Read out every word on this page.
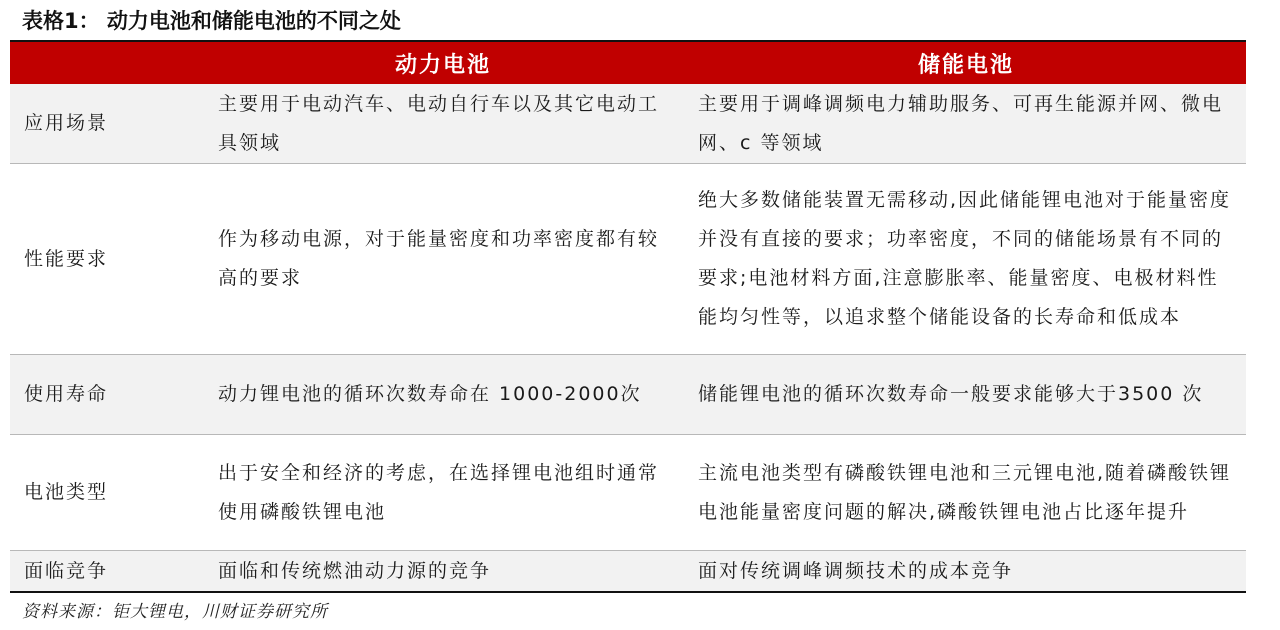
表格1： 动力电池和储能电池的不同之处
	动力电池	储能电池
应用场景	主要用于电动汽车、电动自行车以及其它电动工具领域	主要用于调峰调频电力辅助服务、可再生能源并网、微电网、c 等领域
性能要求	作为移动电源，对于能量密度和功率密度都有较高的要求	绝大多数储能装置无需移动,因此储能锂电池对于能量密度并没有直接的要求；功率密度，不同的储能场景有不同的要求;电池材料方面,注意膨胀率、能量密度、电极材料性能均匀性等，以追求整个储能设备的长寿命和低成本
使用寿命	动力锂电池的循环次数寿命在 1000-2000次	储能锂电池的循环次数寿命一般要求能够大于3500 次
电池类型	出于安全和经济的考虑，在选择锂电池组时通常使用磷酸铁锂电池	主流电池类型有磷酸铁锂电池和三元锂电池,随着磷酸铁锂电池能量密度问题的解决,磷酸铁锂电池占比逐年提升
面临竞争	面临和传统燃油动力源的竞争	面对传统调峰调频技术的成本竞争
资料来源：钜大锂电，川财证券研究所
